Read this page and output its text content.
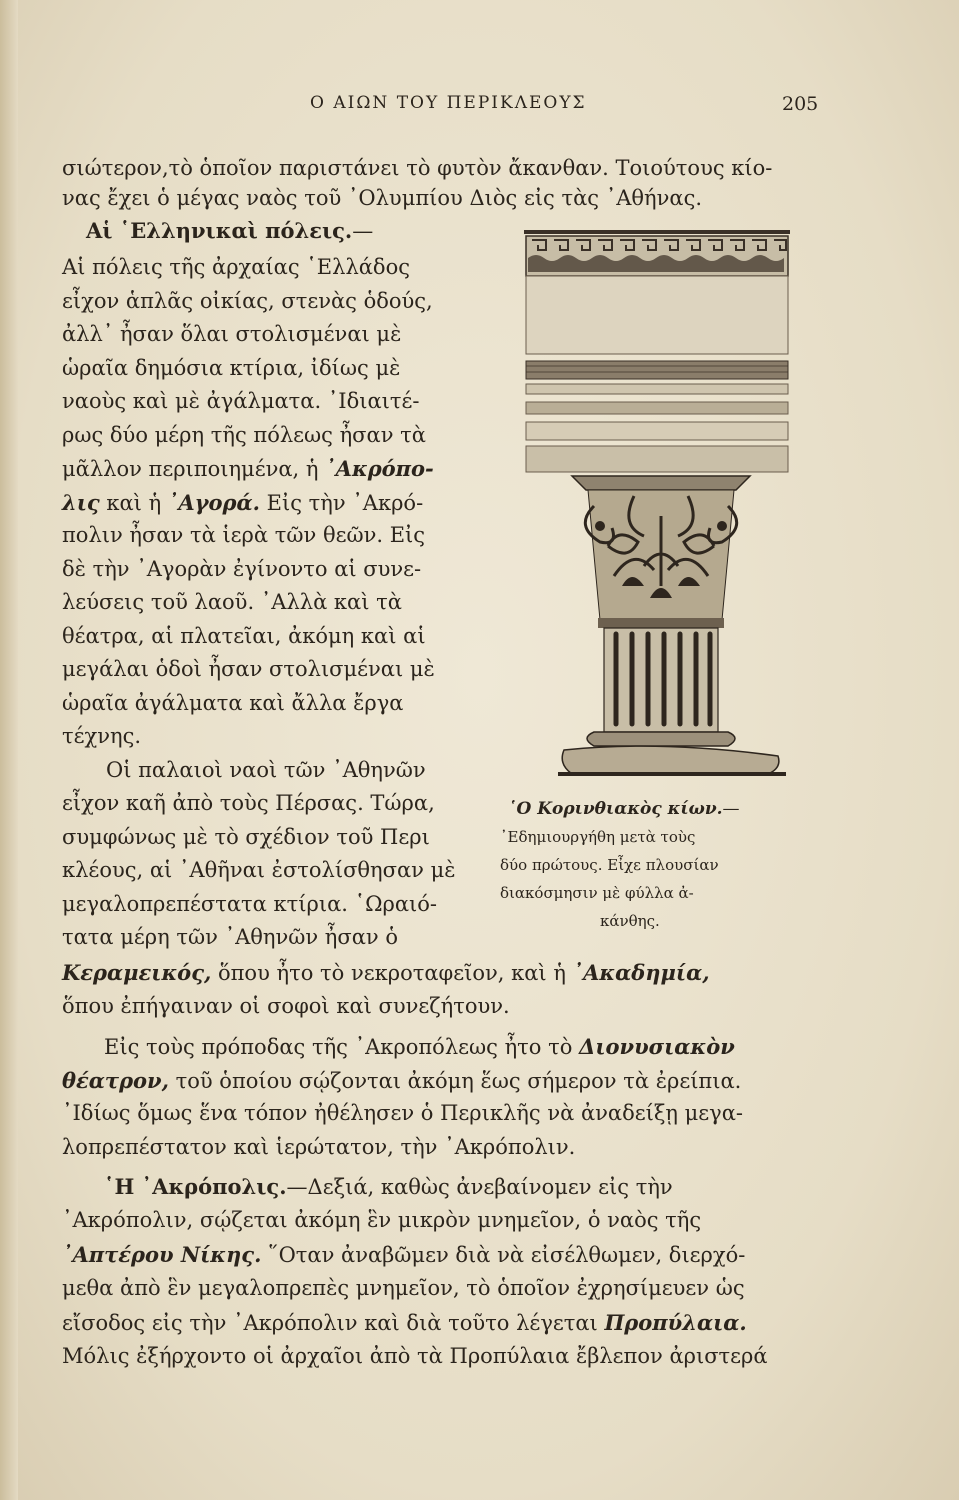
Ο ΑΙΩΝ ΤΟΥ ΠΕΡΙΚΛΕΟΥΣ	205
σιώτερον,τὸ ὁποῖον παριστάνει τὸ φυτὸν ἄκανθαν. Τοιούτους κίο-
νας ἔχει ὁ μέγας ναὸς τοῦ ᾿Ολυμπίου Διὸς εἰς τὰς ᾿Αθήνας.
Αἱ ῾Ελληνικαὶ πόλεις.—
Αἱ πόλεις τῆς ἀρχαίας ῾Ελλάδος
εἶχον ἁπλᾶς οἰκίας, στενὰς ὁδούς,
ἀλλ᾿ ἦσαν ὅλαι στολισμέναι μὲ
ὡραῖα δημόσια κτίρια, ἰδίως μὲ
ναοὺς καὶ μὲ ἀγάλματα. ᾿Ιδιαιτέ-
ρως δύο μέρη τῆς πόλεως ἦσαν τὰ
μᾶλλον περιποιημένα, ἡ ᾿Ακρόπο-
λις καὶ ἡ ᾿Αγορά. Εἰς τὴν ᾿Ακρό-
πολιν ἦσαν τὰ ἱερὰ τῶν θεῶν. Εἰς
δὲ τὴν ᾿Αγορὰν ἐγίνοντο αἱ συνε-
λεύσεις τοῦ λαοῦ. ᾿Αλλὰ καὶ τὰ
θέατρα, αἱ πλατεῖαι, ἀκόμη καὶ αἱ
μεγάλαι ὁδοὶ ἦσαν στολισμέναι μὲ
ὡραῖα ἀγάλματα καὶ ἄλλα ἔργα
τέχνης.
Οἱ παλαιοὶ ναοὶ τῶν ᾿Αθηνῶν
εἶχον καῆ ἀπὸ τοὺς Πέρσας. Τώρα,
συμφώνως μὲ τὸ σχέδιον τοῦ Περι
κλέους, αἱ ᾿Αθῆναι ἐστολίσθησαν μὲ
μεγαλοπρεπέστατα κτίρια. ῾Ωραιό-
τατα μέρη τῶν ᾿Αθηνῶν ἦσαν ὁ
Κεραμεικός, ὅπου ἦτο τὸ νεκροταφεῖον, καὶ ἡ ᾿Ακαδημία,
ὅπου ἐπήγαιναν οἱ σοφοὶ καὶ συνεζήτουν.
Εἰς τοὺς πρόποδας τῆς ᾿Ακροπόλεως ἦτο τὸ Διονυσιακὸν
θέατρον, τοῦ ὁποίου σῴζονται ἀκόμη ἕως σήμερον τὰ ἐρείπια.
᾿Ιδίως ὅμως ἕνα τόπον ἠθέλησεν ὁ Περικλῆς νὰ ἀναδείξῃ μεγα-
λοπρεπέστατον καὶ ἱερώτατον, τὴν ᾿Ακρόπολιν.
῾Η ᾿Ακρόπολις.—Δεξιά, καθὼς ἀνεβαίνομεν εἰς τὴν
᾿Ακρόπολιν, σῴζεται ἀκόμη ἓν μικρὸν μνημεῖον, ὁ ναὸς τῆς
᾿Απτέρου Νίκης. ῞Οταν ἀναβῶμεν διὰ νὰ εἰσέλθωμεν, διερχό-
μεθα ἀπὸ ἓν μεγαλοπρεπὲς μνημεῖον, τὸ ὁποῖον ἐχρησίμευεν ὡς
εἴσοδος εἰς τὴν ᾿Ακρόπολιν καὶ διὰ τοῦτο λέγεται Προπύλαια.
Μόλις ἐξήρχοντο οἱ ἀρχαῖοι ἀπὸ τὰ Προπύλαια ἔβλεπον ἀριστερά
῾Ο Κορινθιακὸς κίων.—
᾿Εδημιουργήθη μετὰ τοὺς
δύο πρώτους. Εἶχε πλουσίαν
διακόσμησιν μὲ φύλλα ἀ-
κάνθης.
